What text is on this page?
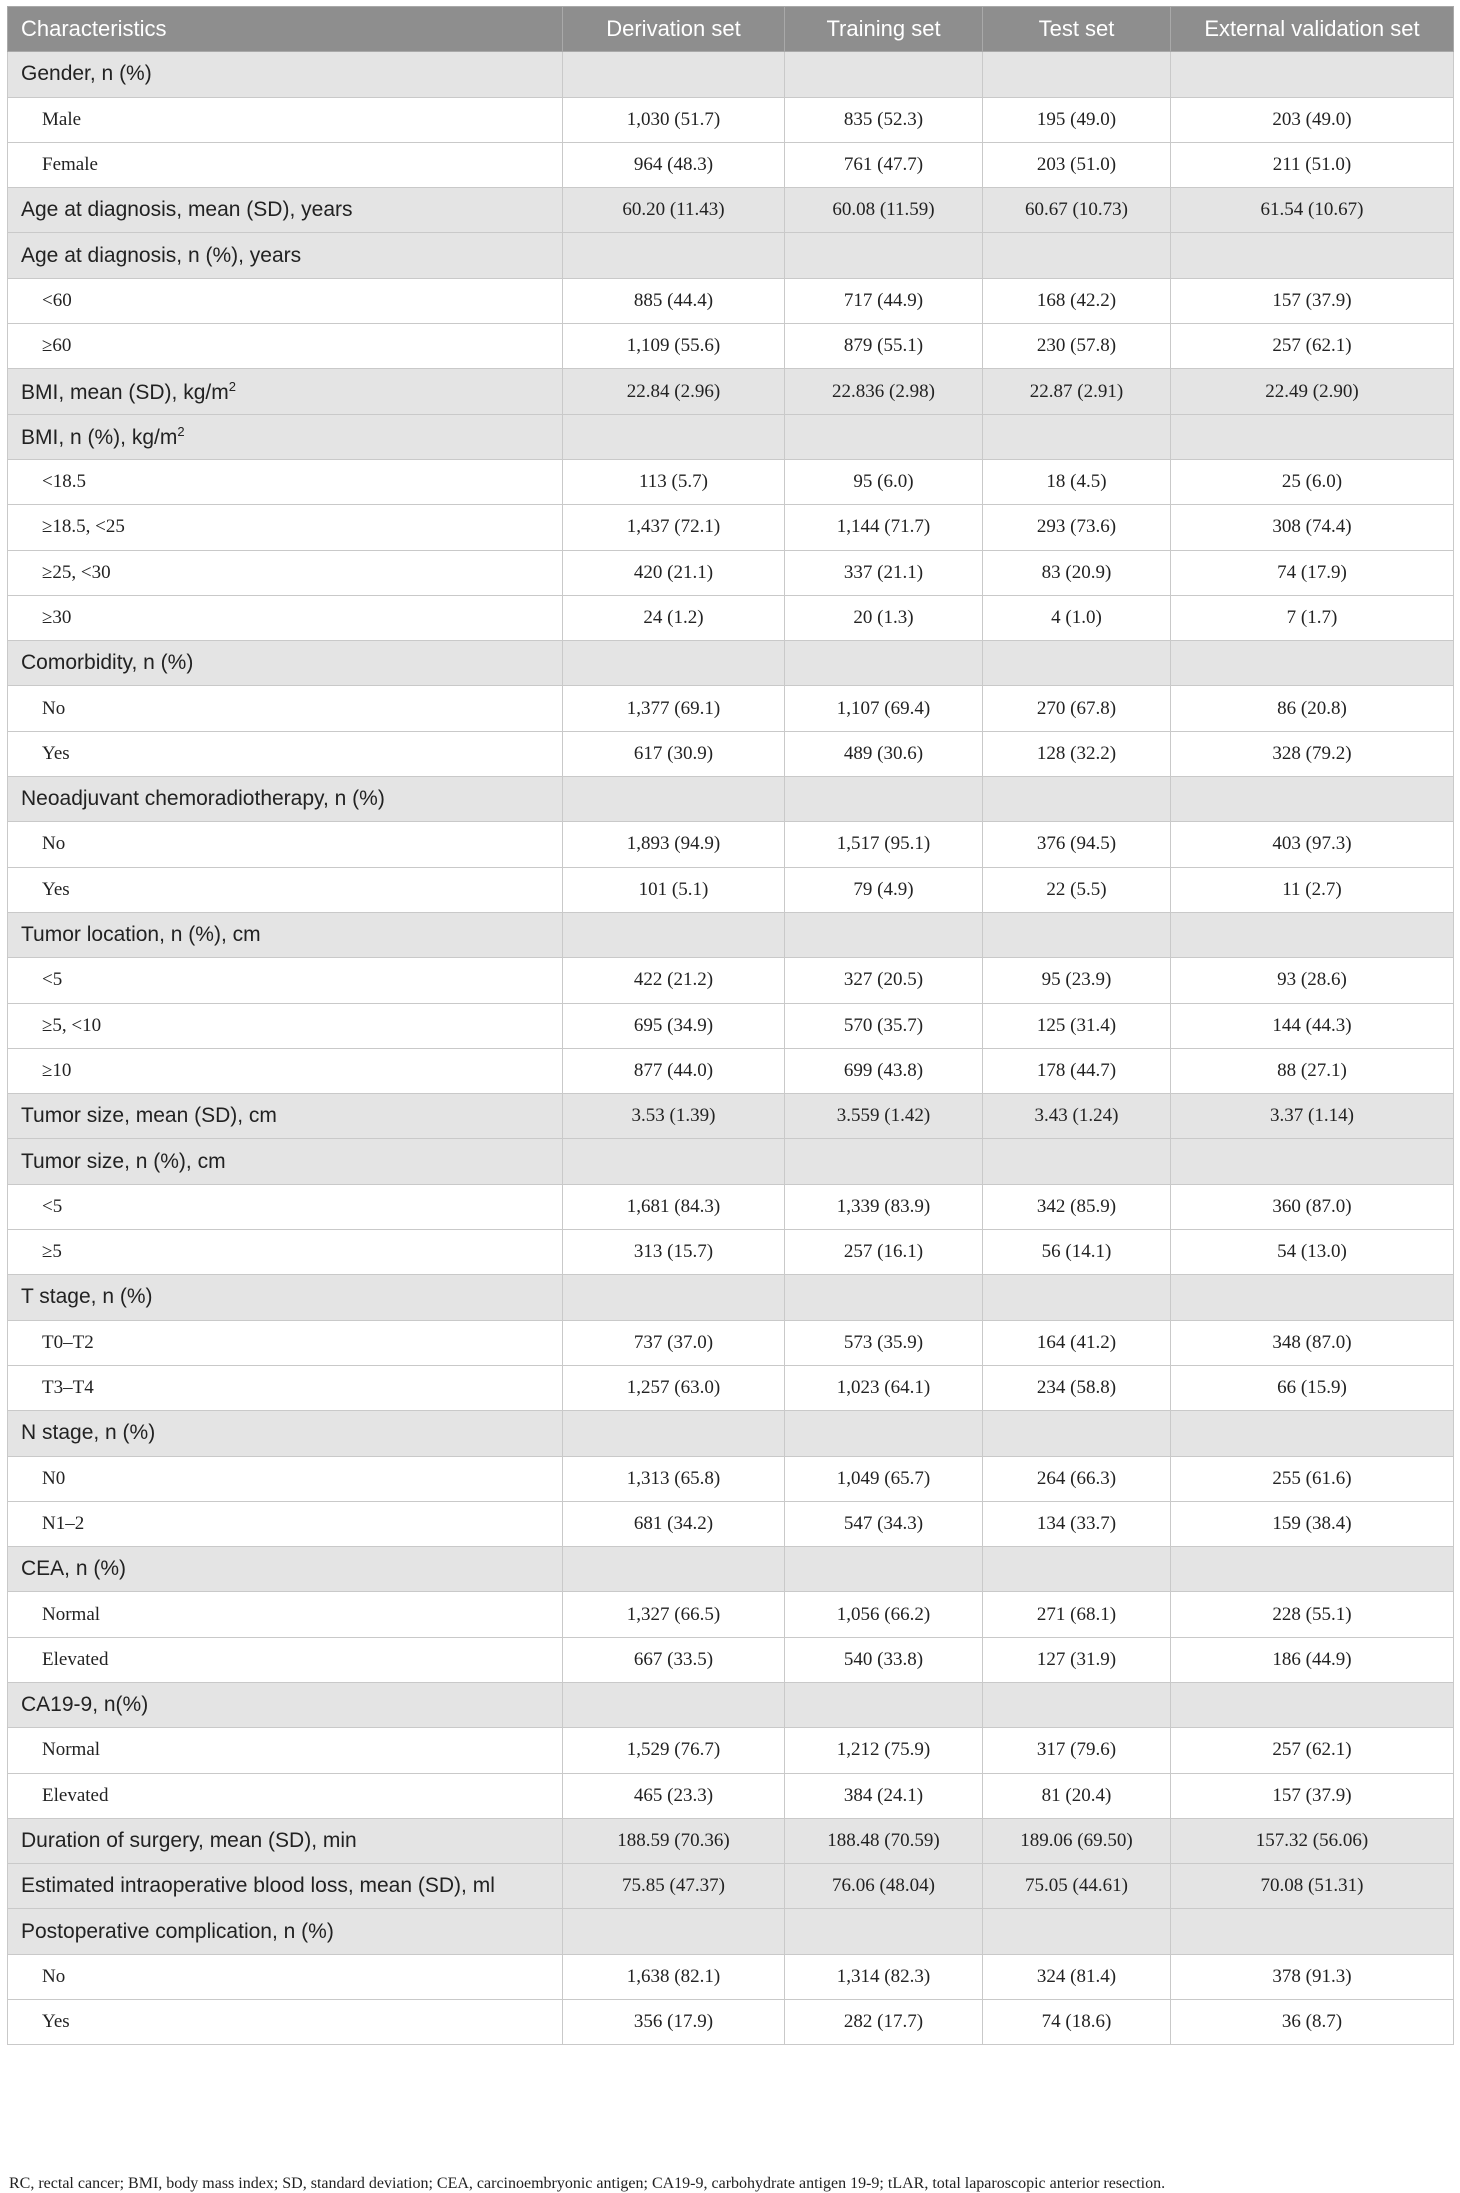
Characteristics	Derivation set	Training set	Test set	External validation set
Gender, n (%)				
Male	1,030 (51.7)	835 (52.3)	195 (49.0)	203 (49.0)
Female	964 (48.3)	761 (47.7)	203 (51.0)	211 (51.0)
Age at diagnosis, mean (SD), years	60.20 (11.43)	60.08 (11.59)	60.67 (10.73)	61.54 (10.67)
Age at diagnosis, n (%), years				
<60	885 (44.4)	717 (44.9)	168 (42.2)	157 (37.9)
≥60	1,109 (55.6)	879 (55.1)	230 (57.8)	257 (62.1)
BMI, mean (SD), $kg/m^2$	22.84 (2.96)	22.836 (2.98)	22.87 (2.91)	22.49 (2.90)
BMI, n (%), $kg/m^2$				
<18.5	113 (5.7)	95 (6.0)	18 (4.5)	25 (6.0)
≥18.5, <25	1,437 (72.1)	1,144 (71.7)	293 (73.6)	308 (74.4)
≥25, <30	420 (21.1)	337 (21.1)	83 (20.9)	74 (17.9)
≥30	24 (1.2)	20 (1.3)	4 (1.0)	7 (1.7)
Comorbidity, n (%)				
No	1,377 (69.1)	1,107 (69.4)	270 (67.8)	86 (20.8)
Yes	617 (30.9)	489 (30.6)	128 (32.2)	328 (79.2)
Neoadjuvant chemoradiotherapy, n (%)				
No	1,893 (94.9)	1,517 (95.1)	376 (94.5)	403 (97.3)
Yes	101 (5.1)	79 (4.9)	22 (5.5)	11 (2.7)
Tumor location, n (%), cm				
<5	422 (21.2)	327 (20.5)	95 (23.9)	93 (28.6)
≥5, <10	695 (34.9)	570 (35.7)	125 (31.4)	144 (44.3)
≥10	877 (44.0)	699 (43.8)	178 (44.7)	88 (27.1)
Tumor size, mean (SD), cm	3.53 (1.39)	3.559 (1.42)	3.43 (1.24)	3.37 (1.14)
Tumor size, n (%), cm				
<5	1,681 (84.3)	1,339 (83.9)	342 (85.9)	360 (87.0)
≥5	313 (15.7)	257 (16.1)	56 (14.1)	54 (13.0)
T stage, n (%)				
T0–T2	737 (37.0)	573 (35.9)	164 (41.2)	348 (87.0)
T3–T4	1,257 (63.0)	1,023 (64.1)	234 (58.8)	66 (15.9)
N stage, n (%)				
N0	1,313 (65.8)	1,049 (65.7)	264 (66.3)	255 (61.6)
N1–2	681 (34.2)	547 (34.3)	134 (33.7)	159 (38.4)
CEA, n (%)				
Normal	1,327 (66.5)	1,056 (66.2)	271 (68.1)	228 (55.1)
Elevated	667 (33.5)	540 (33.8)	127 (31.9)	186 (44.9)
CA19-9, n(%)				
Normal	1,529 (76.7)	1,212 (75.9)	317 (79.6)	257 (62.1)
Elevated	465 (23.3)	384 (24.1)	81 (20.4)	157 (37.9)
Duration of surgery, mean (SD), min	188.59 (70.36)	188.48 (70.59)	189.06 (69.50)	157.32 (56.06)
Estimated intraoperative blood loss, mean (SD), ml	75.85 (47.37)	76.06 (48.04)	75.05 (44.61)	70.08 (51.31)
Postoperative complication, n (%)				
No	1,638 (82.1)	1,314 (82.3)	324 (81.4)	378 (91.3)
Yes	356 (17.9)	282 (17.7)	74 (18.6)	36 (8.7)
RC, rectal cancer; BMI, body mass index; SD, standard deviation; CEA, carcinoembryonic antigen; CA19-9, carbohydrate antigen 19-9; tLAR, total laparoscopic anterior resection.
